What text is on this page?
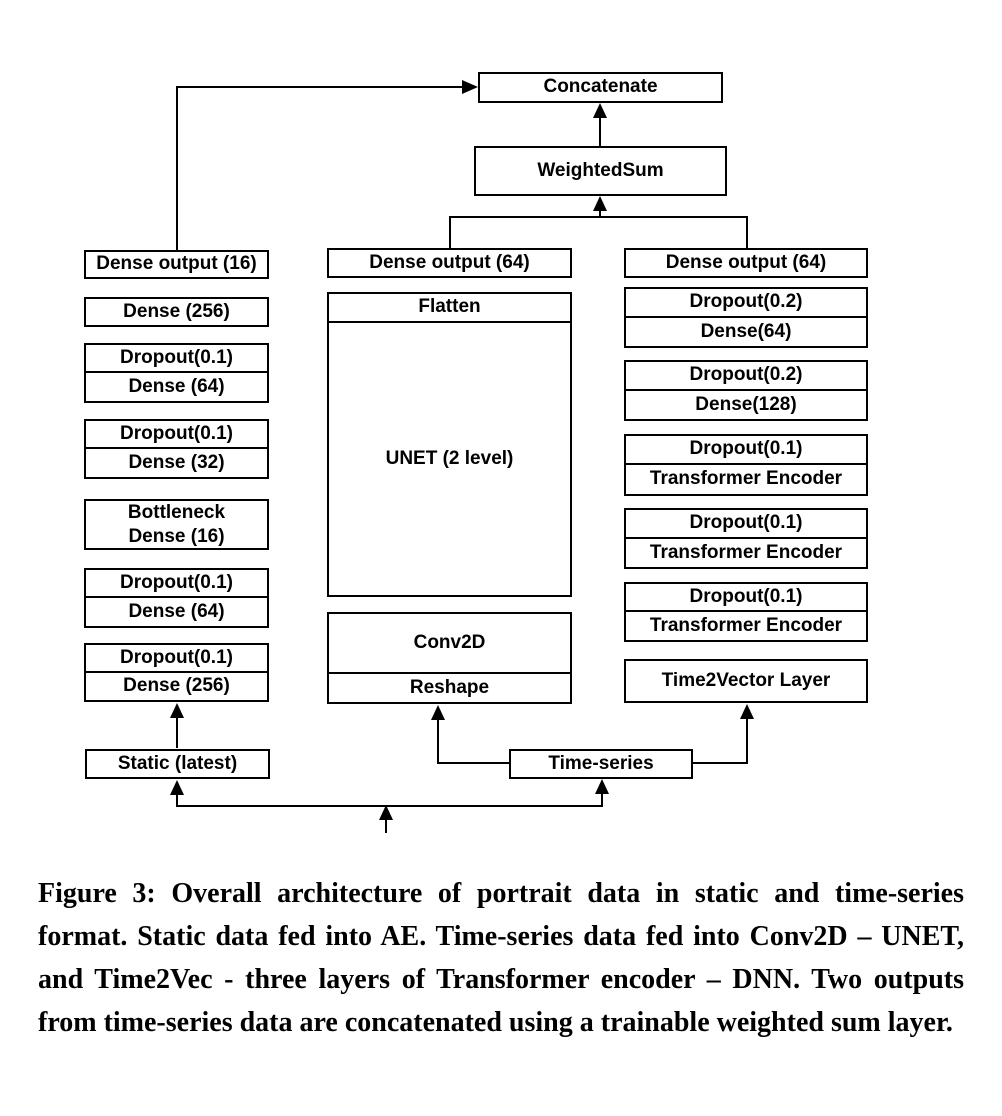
Concatenate
WeightedSum
Dense output (16)
Dense (256)
Dropout(0.1)
Dense (64)
Dropout(0.1)
Dense (32)
Bottleneck
Dense (16)
Dropout(0.1)
Dense (64)
Dropout(0.1)
Dense (256)
Static (latest)
Dense output (64)
Flatten
UNET (2 level)
Conv2D
Reshape
Dense output (64)
Dropout(0.2)
Dense(64)
Dropout(0.2)
Dense(128)
Dropout(0.1)
Transformer Encoder
Dropout(0.1)
Transformer Encoder
Dropout(0.1)
Transformer Encoder
Time2Vector Layer
Time-series
Figure 3: Overall architecture of portrait data in static and time-series format. Static data fed into AE. Time-series data fed into Conv2D – UNET, and Time2Vec - three layers of Transformer encoder – DNN. Two outputs from time-series data are concatenated using a trainable weighted sum layer.
